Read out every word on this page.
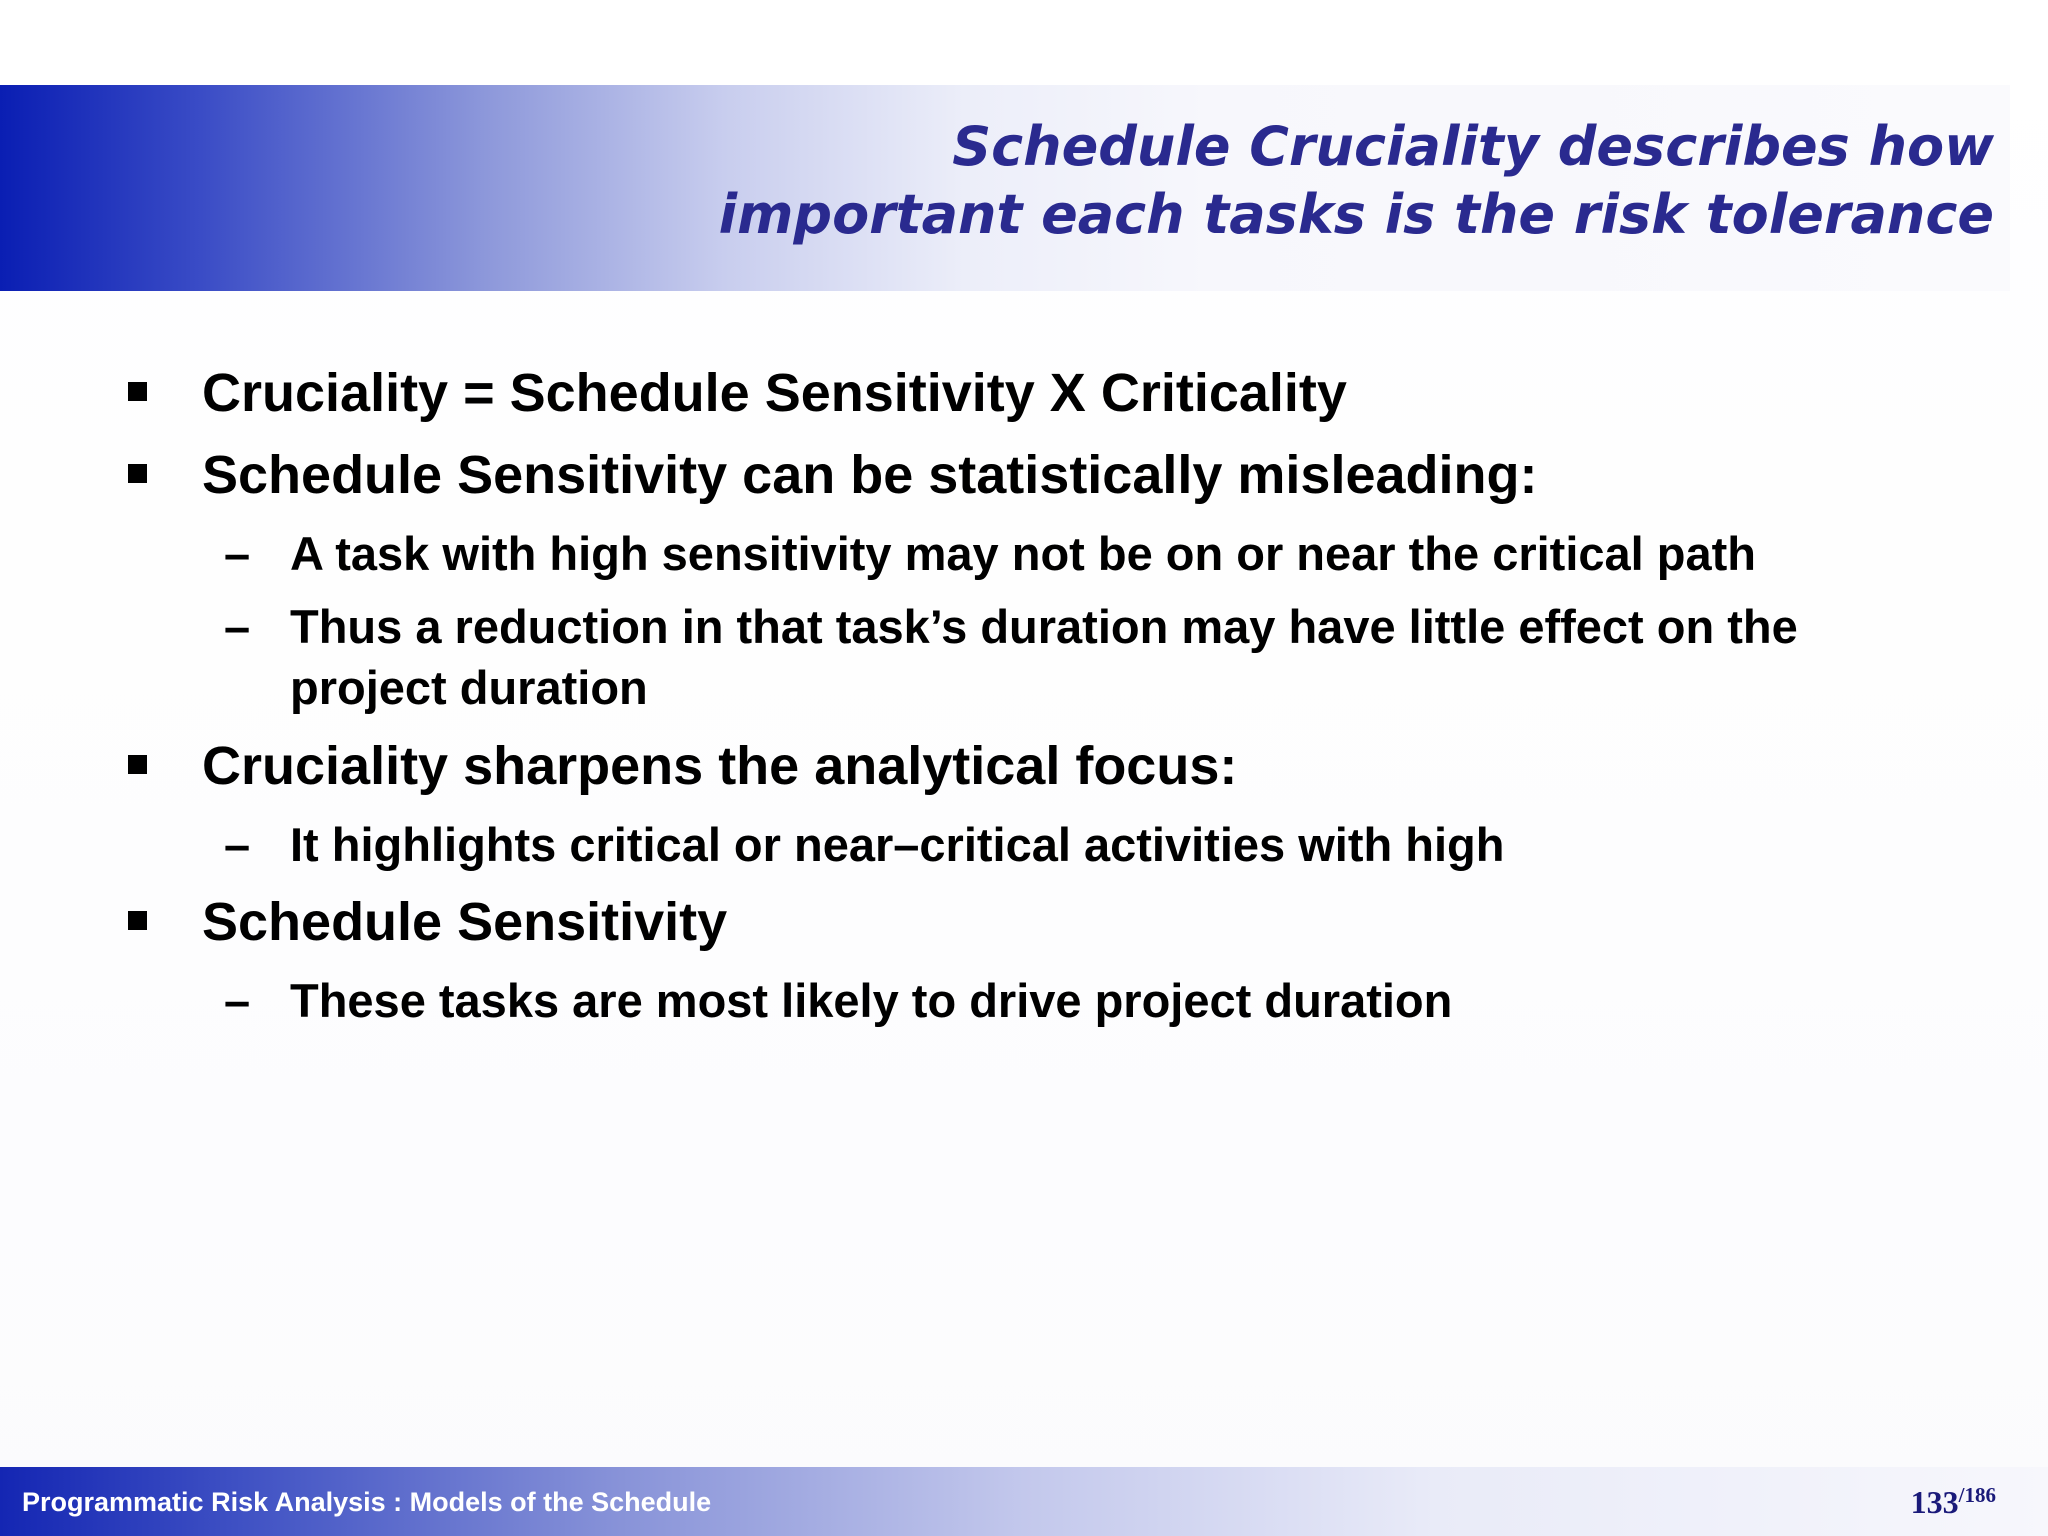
Schedule Cruciality describes how
important each tasks is the risk tolerance
Cruciality = Schedule Sensitivity X Criticality
Schedule Sensitivity can be statistically misleading:
– A task with high sensitivity may not be on or near the critical path
– Thus a reduction in that task’s duration may have little effect on the project duration
Cruciality sharpens the analytical focus:
– It highlights critical or near–critical activities with high
Schedule Sensitivity
– These tasks are most likely to drive project duration
Programmatic Risk Analysis : Models of the Schedule	133/186
